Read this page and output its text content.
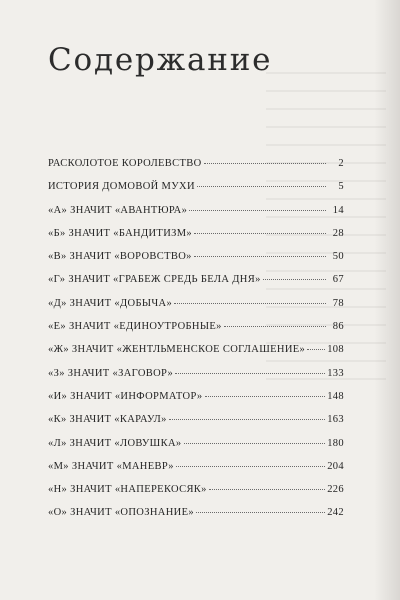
Содержание
РАСКОЛОТОЕ КОРОЛЕВСТВО	2
ИСТОРИЯ ДОМОВОЙ МУХИ	5
«А» ЗНАЧИТ «АВАНТЮРА»	14
«Б» ЗНАЧИТ «БАНДИТИЗМ»	28
«В» ЗНАЧИТ «ВОРОВСТВО»	50
«Г» ЗНАЧИТ «ГРАБЕЖ СРЕДЬ БЕЛА ДНЯ»	67
«Д» ЗНАЧИТ «ДОБЫЧА»	78
«Е» ЗНАЧИТ «ЕДИНОУТРОБНЫЕ»	86
«Ж» ЗНАЧИТ «ЖЕНТЛЬМЕНСКОЕ СОГЛАШЕНИЕ» 108
«З» ЗНАЧИТ «ЗАГОВОР»	133
«И» ЗНАЧИТ «ИНФОРМАТОР»	148
«К» ЗНАЧИТ «КАРАУЛ»	163
«Л» ЗНАЧИТ «ЛОВУШКА»	180
«М» ЗНАЧИТ «МАНЕВР»	204
«Н» ЗНАЧИТ «НАПЕРЕКОСЯК»	226
«О» ЗНАЧИТ «ОПОЗНАНИЕ»	242
